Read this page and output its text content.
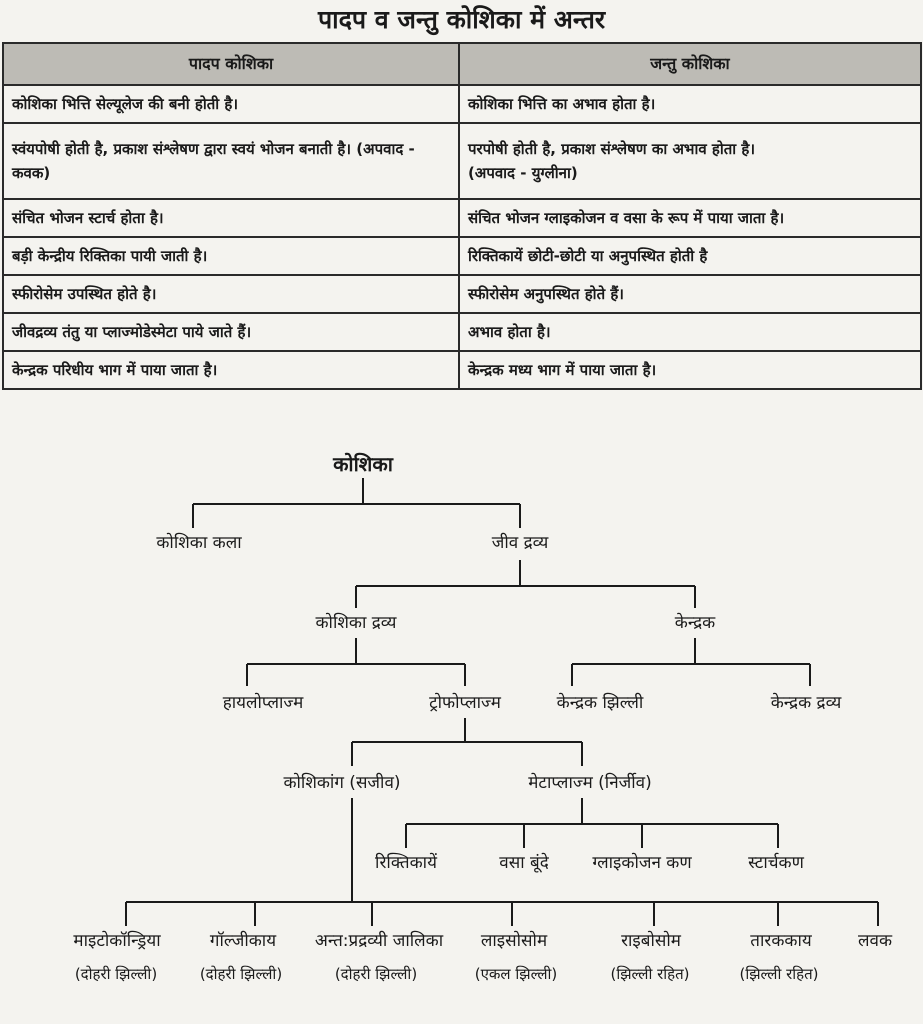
पादप व जन्तु कोशिका में अन्तर
पादप कोशिका	जन्तु कोशिका
कोशिका भित्ति सेल्यूलेज की बनी होती है।	कोशिका भित्ति का अभाव होता है।
स्वंयपोषी होती है, प्रकाश संश्लेषण द्वारा स्वयं भोजन बनाती है। (अपवाद - कवक)	परपोषी होती है, प्रकाश संश्लेषण का अभाव होता है।
(अपवाद - युग्लीना)

संचित भोजन स्टार्च होता है।	संचित भोजन ग्लाइकोजन व वसा के रूप में पाया जाता है।
बड़ी केन्द्रीय रिक्तिका पायी जाती है।	रिक्तिकायें छोटी-छोटी या अनुपस्थित होती है
स्फीरोसेम उपस्थित होते है।	स्फीरोसेम अनुपस्थित होते हैं।
जीवद्रव्य तंतु या प्लाज्मोडेस्मेटा पाये जाते हैं।	अभाव होता है।
केन्द्रक परिधीय भाग में पाया जाता है।	केन्द्रक मध्य भाग में पाया जाता है।
कोशिका
कोशिका कला	जीव द्रव्य
कोशिका द्रव्य	केन्द्रक
हायलोप्लाज्म	ट्रोफोप्लाज्म	केन्द्रक झिल्ली	केन्द्रक द्रव्य
कोशिकांग (सजीव)	मेटाप्लाज्म (निर्जीव)
रिक्तिकायें	वसा बूंदे	ग्लाइकोजन कण	स्टार्चकण
माइटोकॉन्ड्रिया	गॉल्जीकाय अन्त:प्रद्रव्यी जालिका लाइसोसोम	राइबोसोम	तारककाय	लवक
(दोहरी झिल्ली)	(दोहरी झिल्ली)	(दोहरी झिल्ली)	(एकल झिल्ली)	(झिल्ली रहित)	(झिल्ली रहित)
